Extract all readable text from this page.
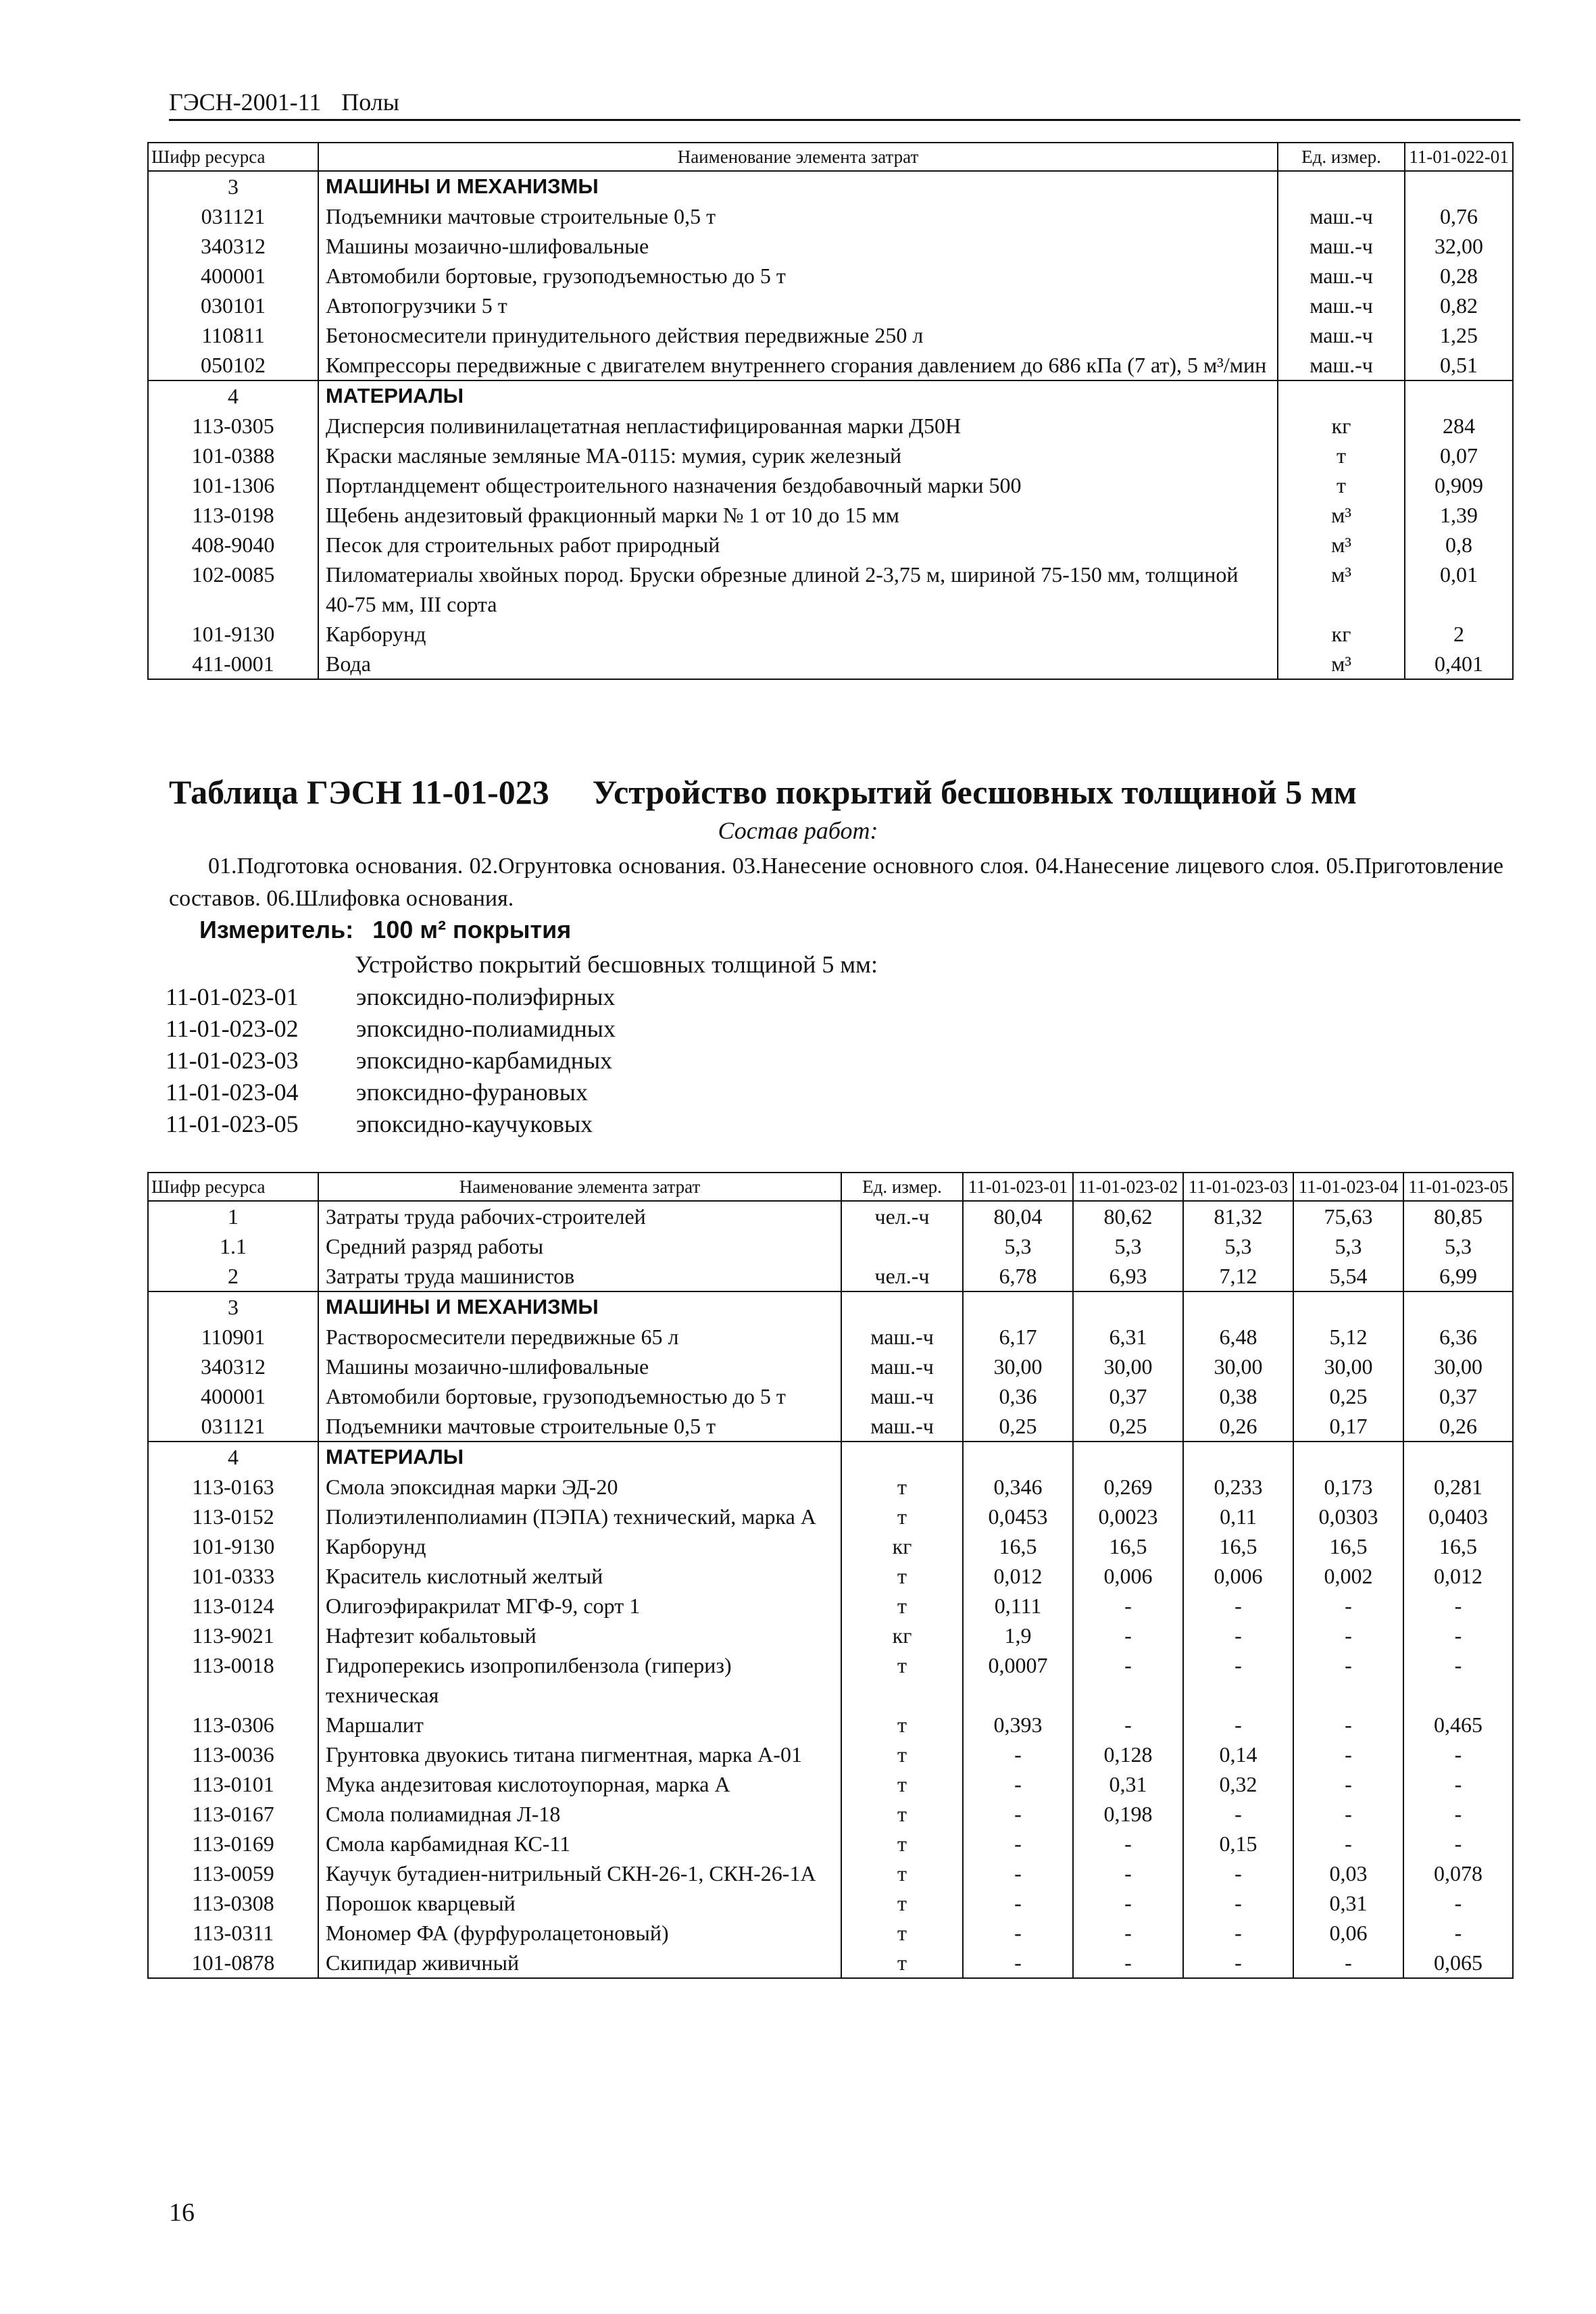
ГЭСН-2001-11 Полы
Шифр ресурса	Наименование элемента затрат	Ед. измер.	11-01-022-01
3	МАШИНЫ И МЕХАНИЗМЫ		
031121	Подъемники мачтовые строительные 0,5 т	маш.-ч	0,76
340312	Машины мозаично-шлифовальные	маш.-ч	32,00
400001	Автомобили бортовые, грузоподъемностью до 5 т	маш.-ч	0,28
030101	Автопогрузчики 5 т	маш.-ч	0,82
110811	Бетоносмесители принудительного действия передвижные 250 л	маш.-ч	1,25
050102	Компрессоры передвижные с двигателем внутреннего сгорания давлением до 686 кПа (7 ат), 5 м³/мин	маш.-ч	0,51
4	МАТЕРИАЛЫ		
113-0305	Дисперсия поливинилацетатная непластифицированная марки Д50Н	кг	284
101-0388	Краски масляные земляные МА-0115: мумия, сурик железный	т	0,07
101-1306	Портландцемент общестроительного назначения бездобавочный марки 500	т	0,909
113-0198	Щебень андезитовый фракционный марки № 1 от 10 до 15 мм	м³	1,39
408-9040	Песок для строительных работ природный	м³	0,8
102-0085	Пиломатериалы хвойных пород. Бруски обрезные длиной 2-3,75 м, шириной 75-150 мм, толщиной 40-75 мм, III сорта	м³	0,01
101-9130	Карборунд	кг	2
411-0001	Вода	м³	0,401
Таблица ГЭСН 11-01-023 Устройство покрытий бесшовных толщиной 5 мм
Состав работ:
01.Подготовка основания. 02.Огрунтовка основания. 03.Нанесение основного слоя. 04.Нанесение лицевого слоя. 05.Приготовление составов. 06.Шлифовка основания.
Измеритель: 100 м² покрытия
Устройство покрытий бесшовных толщиной 5 мм:
11-01-023-01 эпоксидно-полиэфирных
11-01-023-02 эпоксидно-полиамидных
11-01-023-03 эпоксидно-карбамидных
11-01-023-04 эпоксидно-фурановых
11-01-023-05 эпоксидно-каучуковых
Шифр ресурса	Наименование элемента затрат	Ед. измер.	11-01-023-01	11-01-023-02	11-01-023-03	11-01-023-04	11-01-023-05
1	Затраты труда рабочих-строителей	чел.-ч	80,04	80,62	81,32	75,63	80,85
1.1	Средний разряд работы		5,3	5,3	5,3	5,3	5,3
2	Затраты труда машинистов	чел.-ч	6,78	6,93	7,12	5,54	6,99
3	МАШИНЫ И МЕХАНИЗМЫ						
110901	Растворосмесители передвижные 65 л	маш.-ч	6,17	6,31	6,48	5,12	6,36
340312	Машины мозаично-шлифовальные	маш.-ч	30,00	30,00	30,00	30,00	30,00
400001	Автомобили бортовые, грузоподъемностью до 5 т	маш.-ч	0,36	0,37	0,38	0,25	0,37
031121	Подъемники мачтовые строительные 0,5 т	маш.-ч	0,25	0,25	0,26	0,17	0,26
4	МАТЕРИАЛЫ						
113-0163	Смола эпоксидная марки ЭД-20	т	0,346	0,269	0,233	0,173	0,281
113-0152	Полиэтиленполиамин (ПЭПА) технический, марка А	т	0,0453	0,0023	0,11	0,0303	0,0403
101-9130	Карборунд	кг	16,5	16,5	16,5	16,5	16,5
101-0333	Краситель кислотный желтый	т	0,012	0,006	0,006	0,002	0,012
113-0124	Олигоэфиракрилат МГФ-9, сорт 1	т	0,111	-	-	-	-
113-9021	Нафтезит кобальтовый	кг	1,9	-	-	-	-
113-0018	Гидроперекись изопропилбензола (гипериз) техническая	т	0,0007	-	-	-	-
113-0306	Маршалит	т	0,393	-	-	-	0,465
113-0036	Грунтовка двуокись титана пигментная, марка А-01	т	-	0,128	0,14	-	-
113-0101	Мука андезитовая кислотоупорная, марка А	т	-	0,31	0,32	-	-
113-0167	Смола полиамидная Л-18	т	-	0,198	-	-	-
113-0169	Смола карбамидная КС-11	т	-	-	0,15	-	-
113-0059	Каучук бутадиен-нитрильный СКН-26-1, СКН-26-1А	т	-	-	-	0,03	0,078
113-0308	Порошок кварцевый	т	-	-	-	0,31	-
113-0311	Мономер ФА (фурфуролацетоновый)	т	-	-	-	0,06	-
101-0878	Скипидар живичный	т	-	-	-	-	0,065
16
